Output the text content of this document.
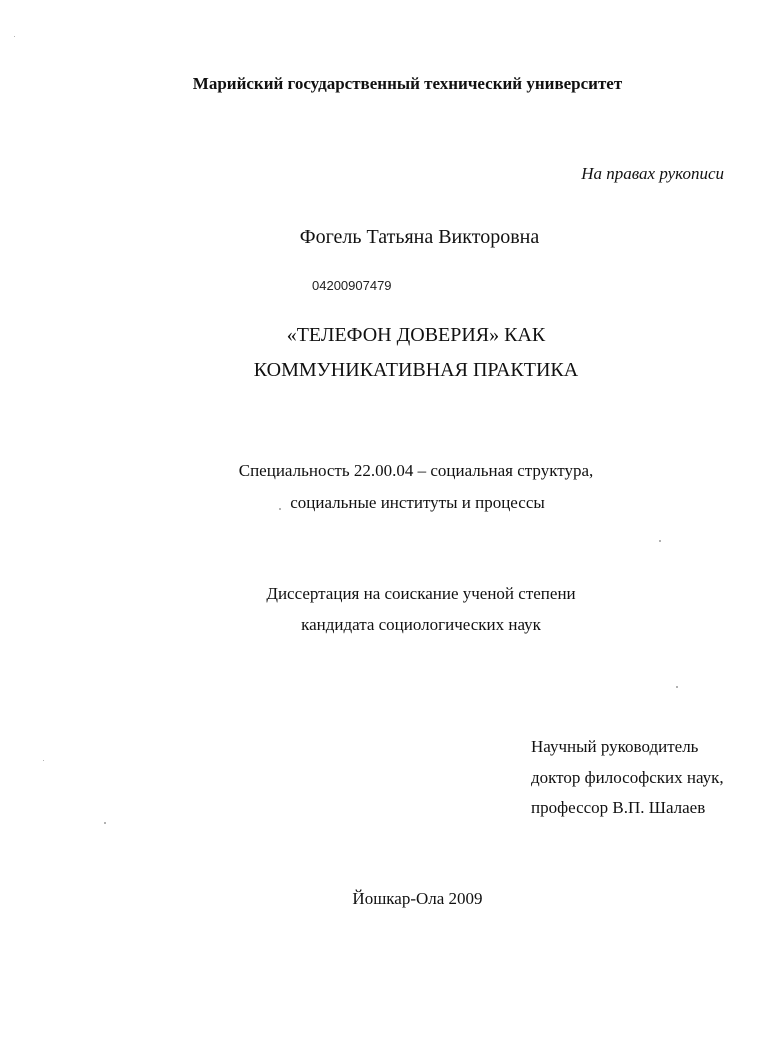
Марийский государственный технический университет
На правах рукописи
Фогель Татьяна Викторовна
04200907479
«ТЕЛЕФОН ДОВЕРИЯ» КАК
КОММУНИКАТИВНАЯ ПРАКТИКА
Специальность 22.00.04 – социальная структура,
социальные институты и процессы
Диссертация на соискание ученой степени
кандидата социологических наук
Научный руководитель
доктор философских наук,
профессор В.П. Шалаев
Йошкар-Ола 2009
